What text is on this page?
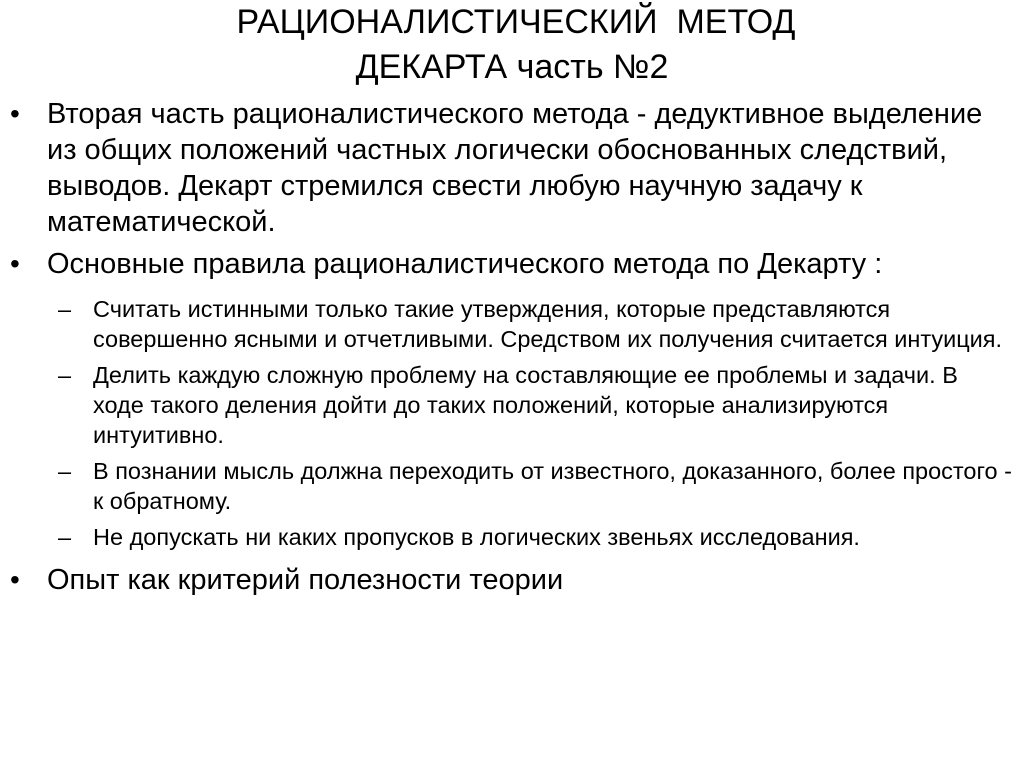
РАЦИОНАЛИСТИЧЕСКИЙ  МЕТОД
ДЕКАРТА часть №2
• Вторая часть рационалистического метода - дедуктивное выделение из общих положений частных логически обоснованных следствий, выводов. Декарт стремился свести любую научную задачу к математической.
• Основные правила рационалистического метода по Декарту :
– Считать истинными только такие утверждения, которые представляются совершенно ясными и отчетливыми. Средством их получения считается интуиция.
– Делить каждую сложную проблему на составляющие ее проблемы и задачи. В ходе такого деления дойти до таких положений, которые анализируются интуитивно.
– В познании мысль должна переходить от известного, доказанного, более простого - к обратному.
– Не допускать ни каких пропусков в логических звеньях исследования.
• Опыт как критерий полезности теории
